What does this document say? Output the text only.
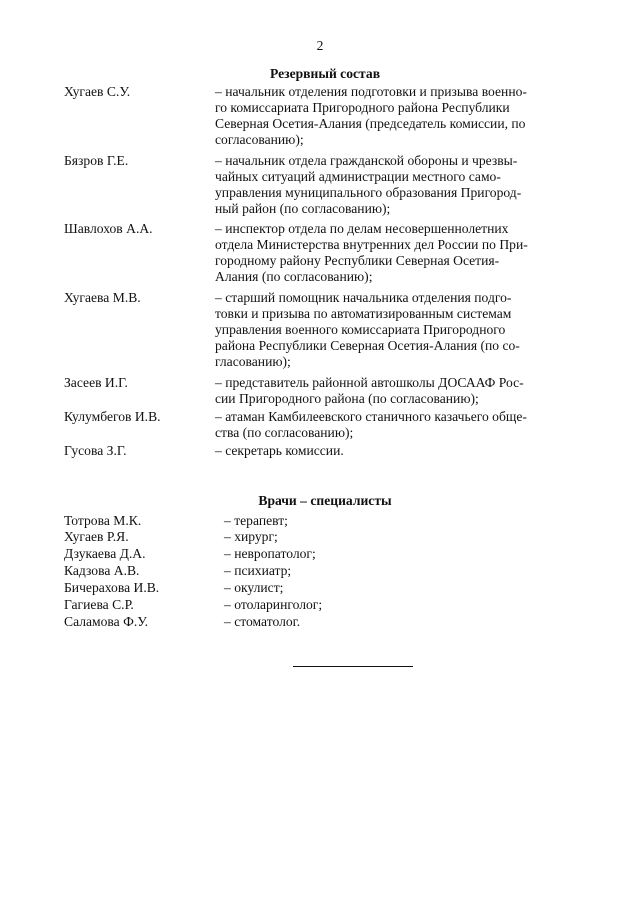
2
Резервный состав
Хугаев С.У.	– начальник отделения подготовки и призыва военно-
го комиссариата Пригородного района Республики
Северная Осетия-Алания (председатель комиссии, по
согласованию);
Бязров Г.Е.	– начальник отдела гражданской обороны и чрезвы-
чайных ситуаций администрации местного само-
управления муниципального образования Пригород-
ный район (по согласованию);
Шавлохов А.А.	– инспектор отдела по делам несовершеннолетних
отдела Министерства внутренних дел России по При-
городному району Республики Северная Осетия-
Алания (по согласованию);
Хугаева М.В.	– старший помощник начальника отделения подго-
товки и призыва по автоматизированным системам
управления военного комиссариата Пригородного
района Республики Северная Осетия-Алания (по со-
гласованию);
Засеев И.Г.	– представитель районной автошколы ДОСААФ Рос-
сии Пригородного района (по согласованию);
Кулумбегов И.В.	– атаман Камбилеевского станичного казачьего обще-
ства (по согласованию);
Гусова З.Г.	– секретарь комиссии.
Врачи – специалисты
Тотрова М.К.	– терапевт;
Хугаев Р.Я.	– хирург;
Дзукаева Д.А.	– невропатолог;
Кадзова А.В.	– психиатр;
Бичерахова И.В.	– окулист;
Гагиева С.Р.	– отоларинголог;
Саламова Ф.У.	– стоматолог.
